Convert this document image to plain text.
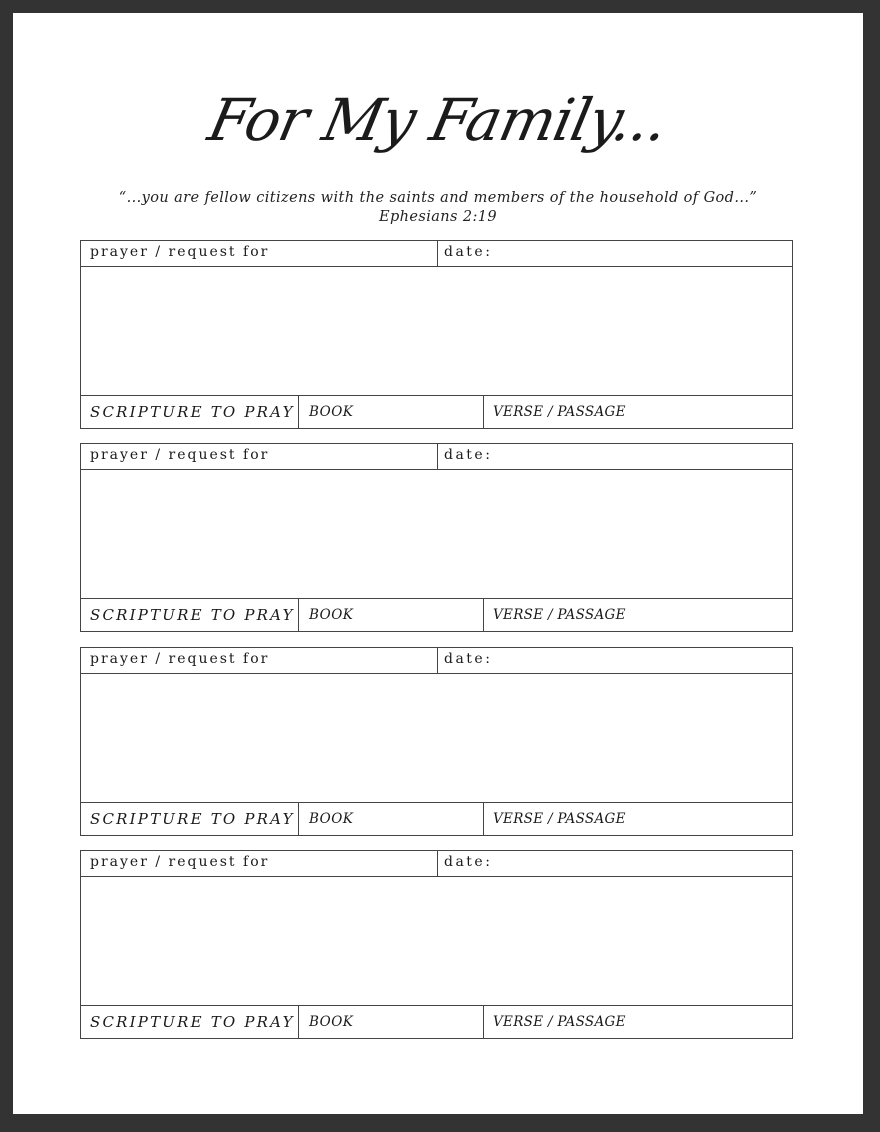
For My Family...
“...you are fellow citizens with the saints and members of the household of God...”
Ephesians 2:19
prayer / request for	date:
SCRIPTURE TO PRAY	BOOK	VERSE / PASSAGE
prayer / request for	date:
SCRIPTURE TO PRAY	BOOK	VERSE / PASSAGE
prayer / request for	date:
SCRIPTURE TO PRAY	BOOK	VERSE / PASSAGE
prayer / request for	date:
SCRIPTURE TO PRAY	BOOK	VERSE / PASSAGE
